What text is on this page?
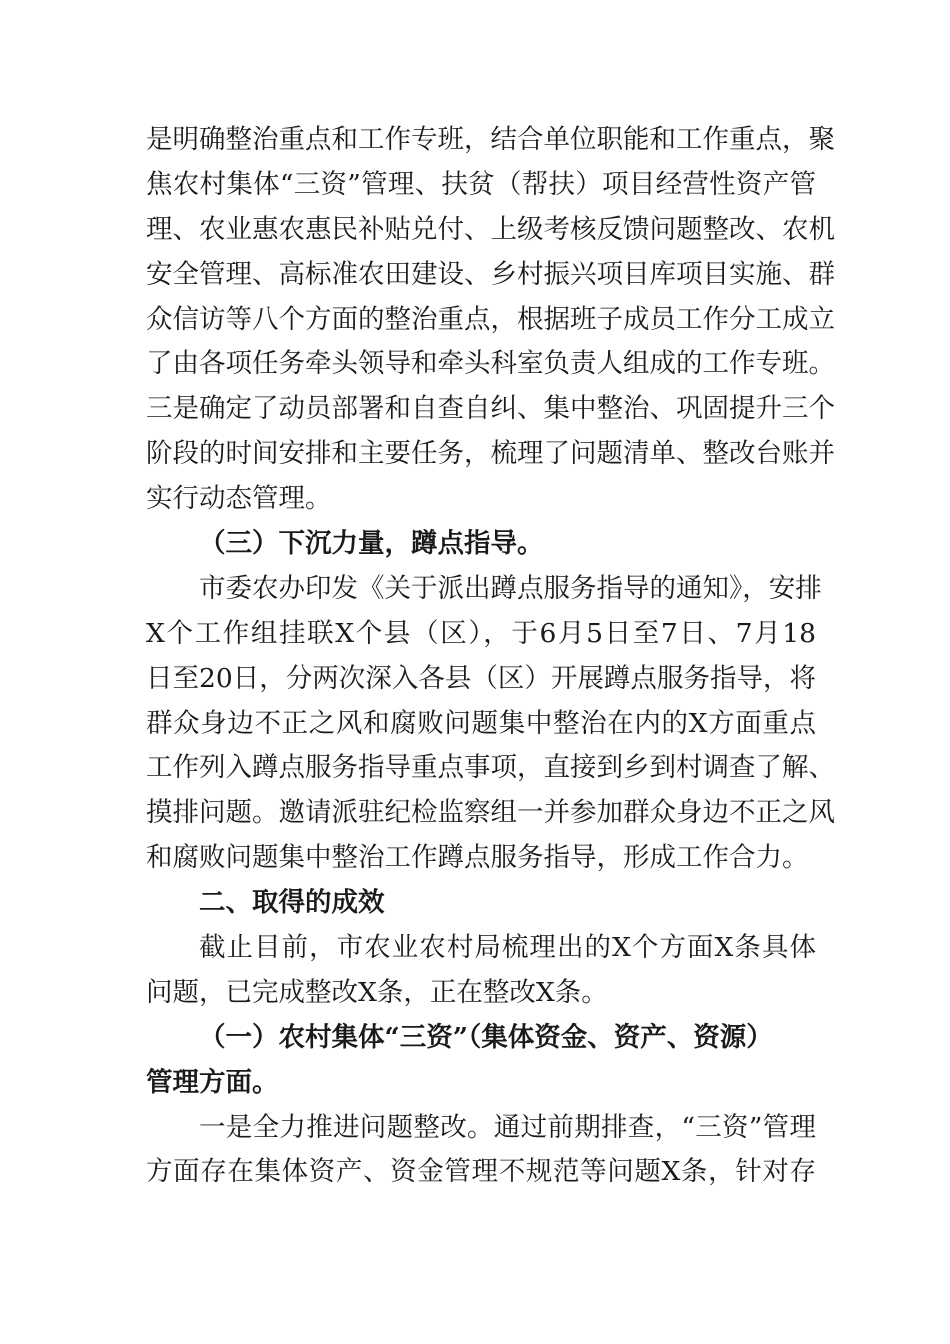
是明确整治重点和工作专班，结合单位职能和工作重点，聚
焦农村集体“三资”管理、扶贫（帮扶）项目经营性资产管
理、农业惠农惠民补贴兑付、上级考核反馈问题整改、农机
安全管理、高标准农田建设、乡村振兴项目库项目实施、群
众信访等八个方面的整治重点，根据班子成员工作分工成立
了由各项任务牵头领导和牵头科室负责人组成的工作专班。
三是确定了动员部署和自查自纠、集中整治、巩固提升三个
阶段的时间安排和主要任务，梳理了问题清单、整改台账并
实行动态管理。
（三）下沉力量，蹲点指导。
市委农办印发《关于派出蹲点服务指导的通知》，安排
X个工作组挂联X个县（区），于6月5日至7日、7月18
日至20日，分两次深入各县（区）开展蹲点服务指导，将
群众身边不正之风和腐败问题集中整治在内的X方面重点
工作列入蹲点服务指导重点事项，直接到乡到村调查了解、
摸排问题。邀请派驻纪检监察组一并参加群众身边不正之风
和腐败问题集中整治工作蹲点服务指导，形成工作合力。
二、取得的成效
截止目前，市农业农村局梳理出的X个方面X条具体
问题，已完成整改X条，正在整改X条。
（一）农村集体“三资”（集体资金、资产、资源）
管理方面。
一是全力推进问题整改。通过前期排查，“三资”管理
方面存在集体资产、资金管理不规范等问题X条，针对存
